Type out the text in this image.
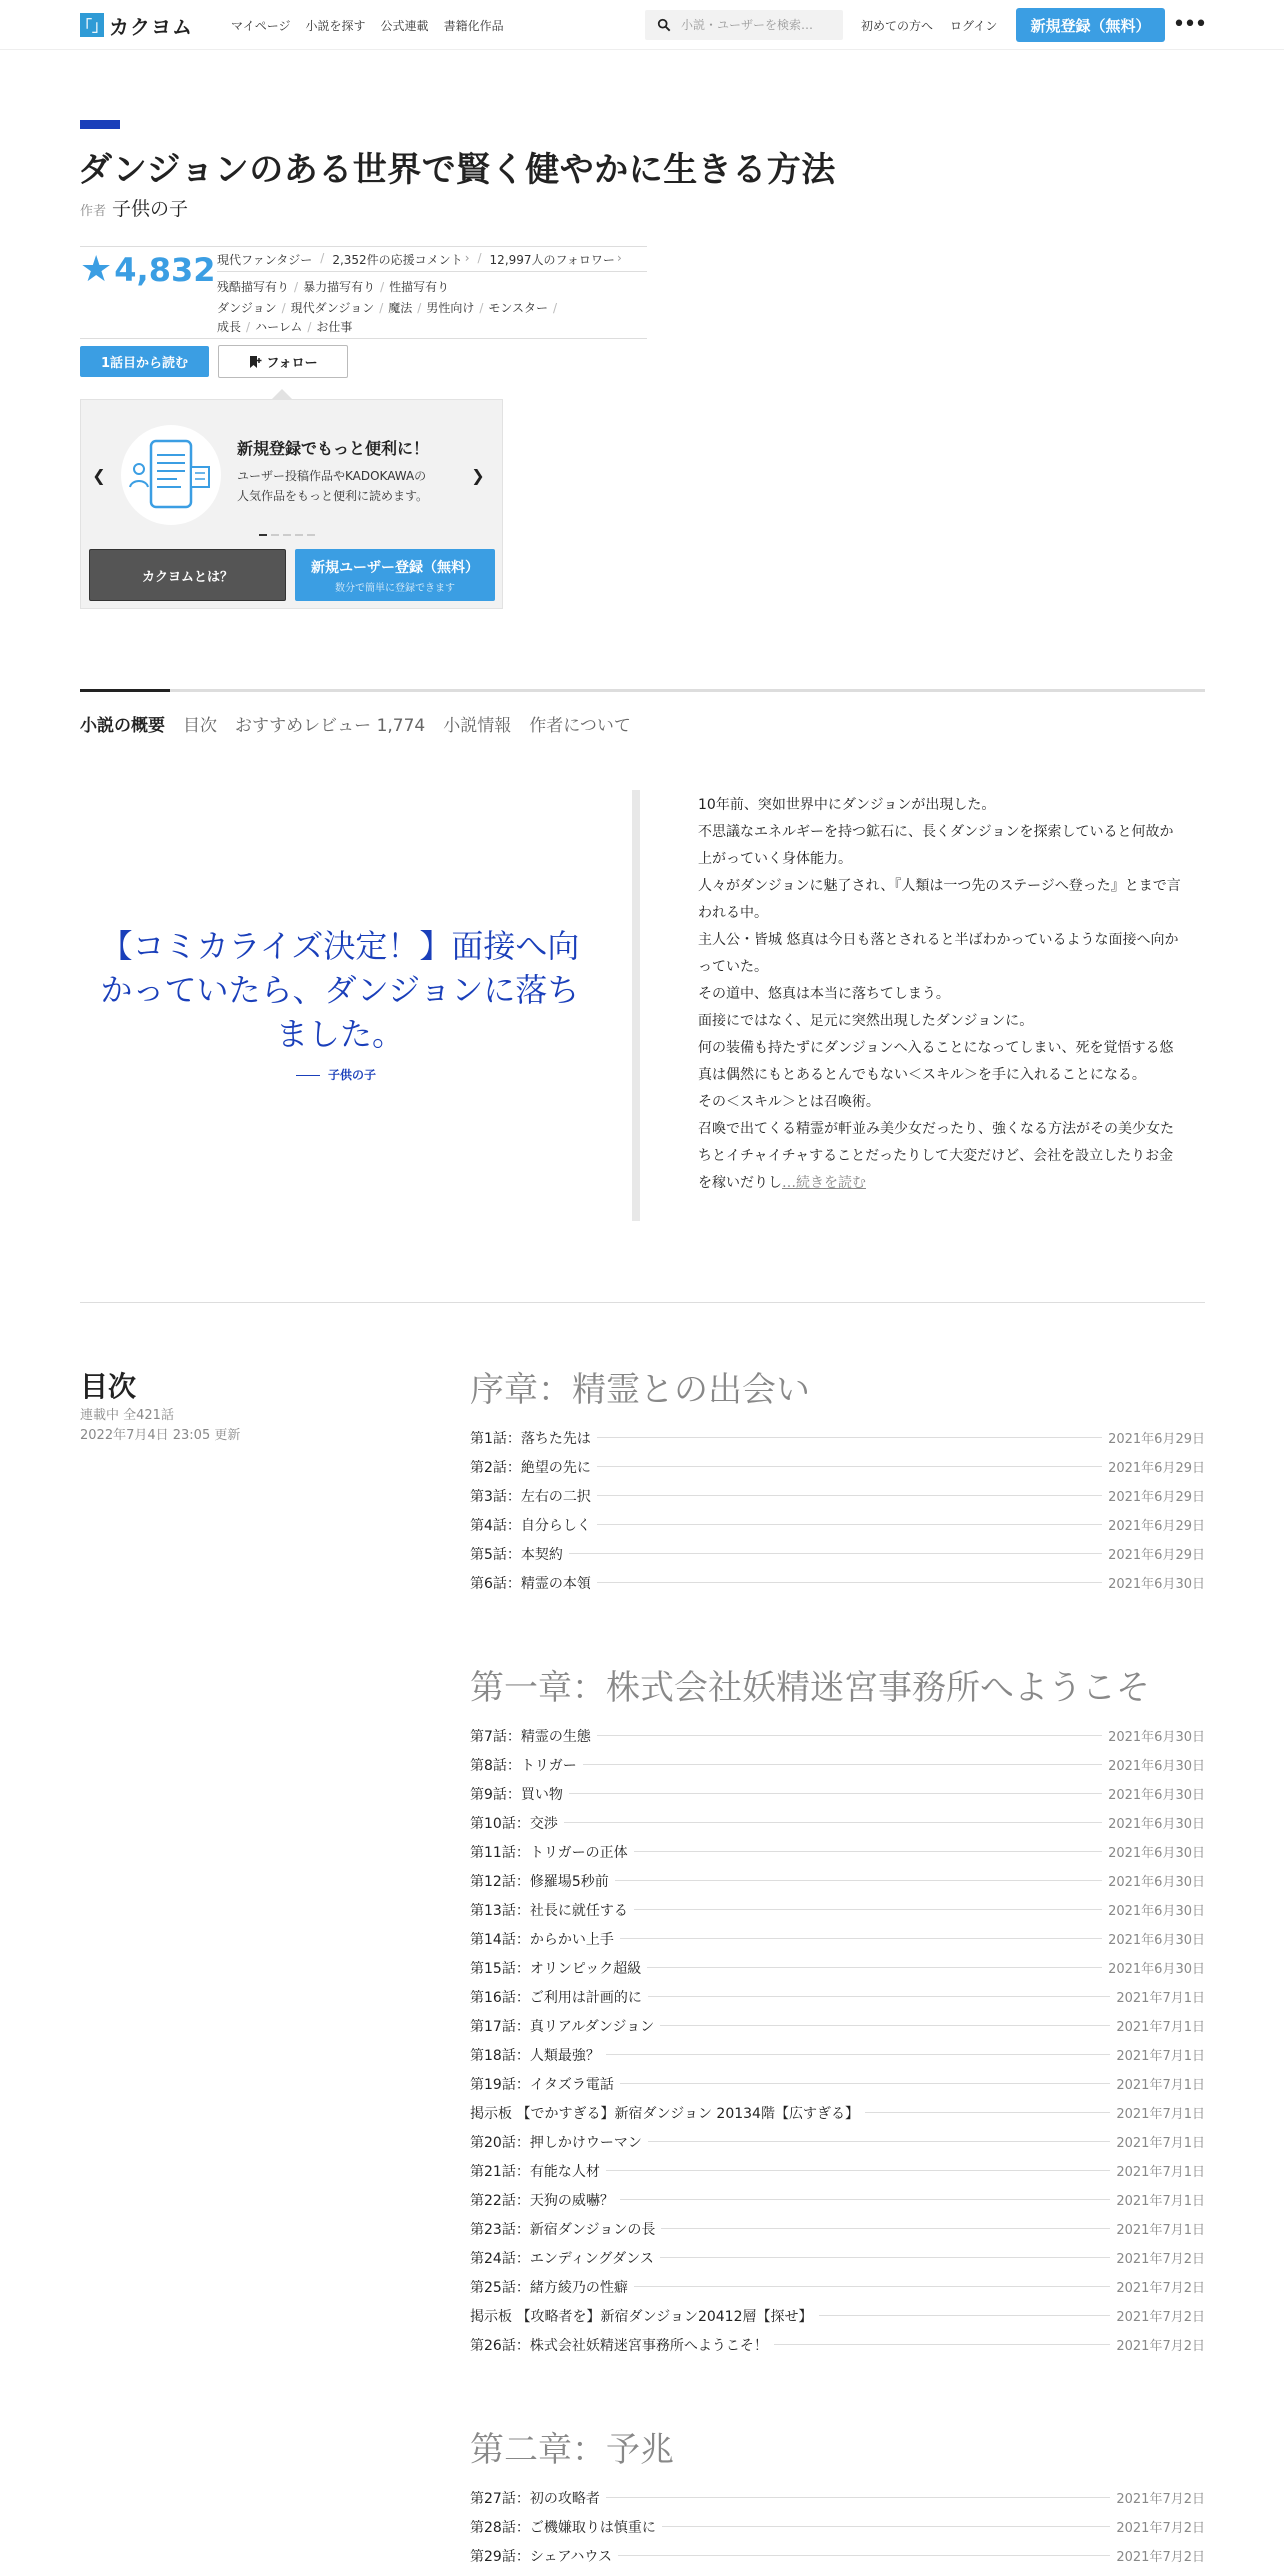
「」 カクヨム	マイページ 小説を探す 公式連載 書籍化作品
小説・ユーザーを検索…	初めての方へ ログイン	新規登録（無料）	•••
ダンジョンのある世界で賢く健やかに生きる方法
作者 子供の子
★ 4,832 現代ファンタジー / 2,352件の応援コメント › / 12,997人のフォロワー ›
残酷描写有り / 暴力描写有り / 性描写有り
ダンジョン / 現代ダンジョン / 魔法 / 男性向け / モンスター /
成長 / ハーレム / お仕事
1話目から読む	フォロー
❮
新規登録でもっと便利に！
ユーザー投稿作品やKADOKAWAの
人気作品をもっと便利に読めます。
❯
カクヨムとは？
新規ユーザー登録（無料）
数分で簡単に登録できます
小説の概要 目次 おすすめレビュー 1,774 小説情報 作者について
【コミカライズ決定！】面接へ向かっていたら、ダンジョンに落ちました。
子供の子

10年前、突如世界中にダンジョンが出現した。

不思議なエネルギーを持つ鉱石に、長くダンジョンを探索していると何故か上がっていく身体能力。

人々がダンジョンに魅了され、『人類は一つ先のステージへ登った』とまで言われる中。

主人公・皆城 悠真は今日も落とされると半ばわかっているような面接へ向かっていた。

その道中、悠真は本当に落ちてしまう。

面接にではなく、足元に突然出現したダンジョンに。

何の装備も持たずにダンジョンへ入ることになってしまい、死を覚悟する悠真は偶然にもとあるとんでもない＜スキル＞を手に入れることになる。

その＜スキル＞とは召喚術。

召喚で出てくる精霊が軒並み美少女だったり、強くなる方法がその美少女たちとイチャイチャすることだったりして大変だけど、会社を設立したりお金を稼いだりし…続きを読む

目次
連載中 全421話
2022年7月4日 23:05 更新
序章：精霊との出会い
第1話：落ちた先は	2021年6月29日
第2話：絶望の先に	2021年6月29日
第3話：左右の二択	2021年6月29日
第4話：自分らしく	2021年6月29日
第5話：本契約	2021年6月29日
第6話：精霊の本領	2021年6月30日
第一章：株式会社妖精迷宮事務所へようこそ
第7話：精霊の生態	2021年6月30日
第8話：トリガー	2021年6月30日
第9話：買い物	2021年6月30日
第10話：交渉	2021年6月30日
第11話：トリガーの正体	2021年6月30日
第12話：修羅場5秒前	2021年6月30日
第13話：社長に就任する	2021年6月30日
第14話：からかい上手	2021年6月30日
第15話：オリンピック超級	2021年6月30日
第16話：ご利用は計画的に	2021年7月1日
第17話：真リアルダンジョン	2021年7月1日
第18話：人類最強？	2021年7月1日
第19話：イタズラ電話	2021年7月1日
掲示板 【でかすぎる】新宿ダンジョン 20134階【広すぎる】	2021年7月1日
第20話：押しかけウーマン	2021年7月1日
第21話：有能な人材	2021年7月1日
第22話：天狗の威嚇？	2021年7月1日
第23話：新宿ダンジョンの長	2021年7月1日
第24話：エンディングダンス	2021年7月2日
第25話：緒方綾乃の性癖	2021年7月2日
掲示板 【攻略者を】新宿ダンジョン20412層【探せ】	2021年7月2日
第26話：株式会社妖精迷宮事務所へようこそ！	2021年7月2日
第二章：予兆
第27話：初の攻略者	2021年7月2日
第28話：ご機嫌取りは慎重に	2021年7月2日
第29話：シェアハウス	2021年7月2日
